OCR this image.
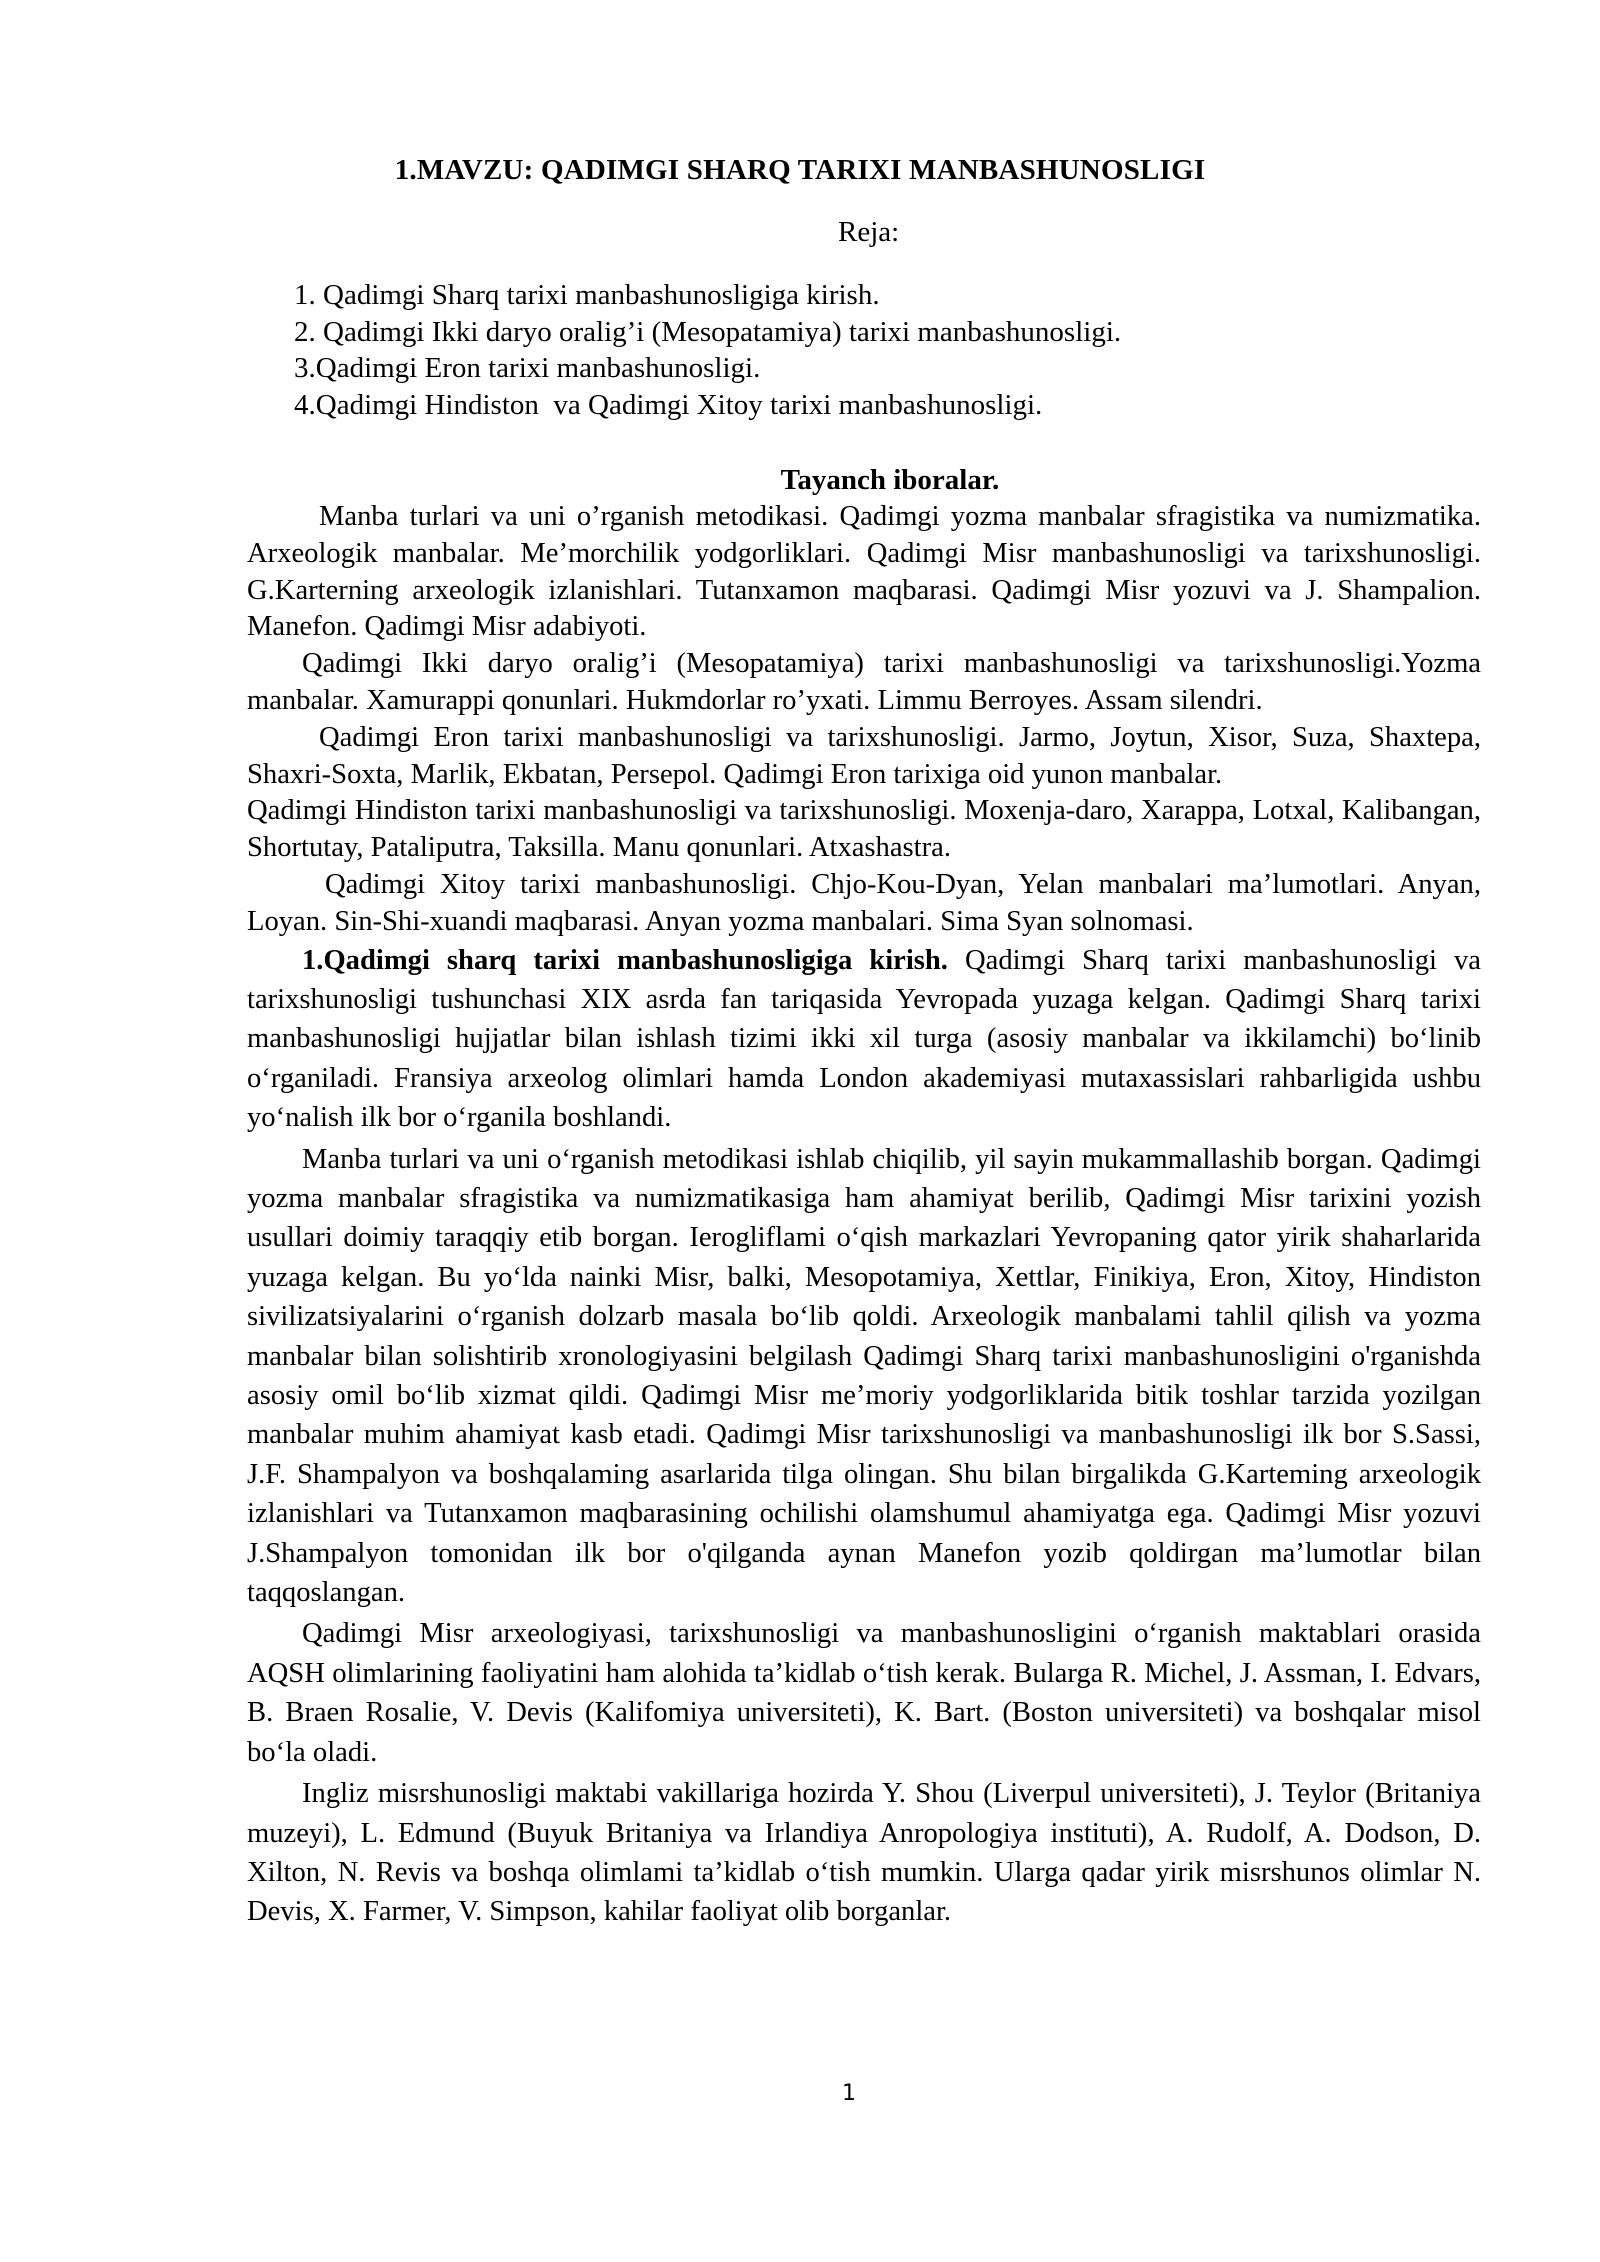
1.MAVZU: QADIMGI SHARQ TARIXI MANBASHUNOSLIGI
Reja:
1. Qadimgi Sharq tarixi manbashunosligiga kirish.
2. Qadimgi Ikki daryo oralig’i (Mesopatamiya) tarixi manbashunosligi.
3.Qadimgi Eron tarixi manbashunosligi.
4.Qadimgi Hindiston  va Qadimgi Xitoy tarixi manbashunosligi.
Tayanch iboralar.

Manba turlari va uni o’rganish metodikasi. Qadimgi yozma manbalar sfragistika va numizmatika. Arxeologik manbalar. Me’morchilik yodgorliklari. Qadimgi Misr manbashunosligi va tarixshunosligi. G.Karterning arxeologik izlanishlari. Tutanxamon maqbarasi. Qadimgi Misr yozuvi va J. Shampalion. Manefon. Qadimgi Misr adabiyoti.

Qadimgi Ikki daryo oralig’i (Mesopatamiya) tarixi manbashunosligi va tarixshunosligi.Yozma manbalar. Xamurappi qonunlari. Hukmdorlar ro’yxati. Limmu Berroyes. Assam silendri.

Qadimgi Eron tarixi manbashunosligi va tarixshunosligi. Jarmo, Joytun, Xisor, Suza, Shaxtepa, Shaxri-Soxta, Marlik, Ekbatan, Persepol. Qadimgi Eron tarixiga oid yunon manbalar.

Qadimgi Hindiston tarixi manbashunosligi va tarixshunosligi. Moxenja-daro, Xarappa, Lotxal, Kalibangan, Shortutay, Pataliputra, Taksilla. Manu qonunlari. Atxashastra.

Qadimgi Xitoy tarixi manbashunosligi. Chjo-Kou-Dyan, Yelan manbalari ma’lumotlari. Anyan, Loyan. Sin-Shi-xuandi maqbarasi. Anyan yozma manbalari. Sima Syan solnomasi.

1.Qadimgi sharq tarixi manbashunosligiga kirish. Qadimgi Sharq tarixi manbashunosligi va tarixshunosligi tushunchasi XIX asrda fan tariqasida Yevropada yuzaga kelgan. Qadimgi Sharq tarixi manbashunosligi hujjatlar bilan ishlash tizimi ikki xil turga (asosiy manbalar va ikkilamchi) bo‘linib o‘rganiladi. Fransiya arxeolog olimlari hamda London akademiyasi mutaxassislari rahbarligida ushbu yo‘nalish ilk bor o‘rganila boshlandi.

Manba turlari va uni o‘rganish metodikasi ishlab chiqilib, yil sayin mukammallashib borgan. Qadimgi yozma manbalar sfragistika va numizmatikasiga ham ahamiyat berilib, Qadimgi Misr tarixini yozish usullari doimiy taraqqiy etib borgan. Ierogliflami o‘qish markazlari Yevropaning qator yirik shaharlarida yuzaga kelgan. Bu yo‘lda nainki Misr, balki, Mesopotamiya, Xettlar, Finikiya, Eron, Xitoy, Hindiston sivilizatsiyalarini o‘rganish dolzarb masala bo‘lib qoldi. Arxeologik manbalami tahlil qilish va yozma manbalar bilan solishtirib xronologiyasini belgilash Qadimgi Sharq tarixi manbashunosligini o'rganishda asosiy omil bo‘lib xizmat qildi. Qadimgi Misr me’moriy yodgorliklarida bitik toshlar tarzida yozilgan manbalar muhim ahamiyat kasb etadi. Qadimgi Misr tarixshunosligi va manbashunosligi ilk bor S.Sassi, J.F. Shampalyon va boshqalaming asarlarida tilga olingan. Shu bilan birgalikda G.Karteming arxeologik izlanishlari va Tutanxamon maqbarasining ochilishi olamshumul ahamiyatga ega. Qadimgi Misr yozuvi J.Shampalyon tomonidan ilk bor o'qilganda aynan Manefon yozib qoldirgan ma’lumotlar bilan taqqoslangan.

Qadimgi Misr arxeologiyasi, tarixshunosligi va manbashunosligini o‘rganish maktablari orasida AQSH olimlarining faoliyatini ham alohida ta’kidlab o‘tish kerak. Bularga R. Michel, J. Assman, I. Edvars, B. Braen Rosalie, V. Devis (Kalifomiya universiteti), K. Bart. (Boston universiteti) va boshqalar misol bo‘la oladi.

Ingliz misrshunosligi maktabi vakillariga hozirda Y. Shou (Liverpul universiteti), J. Teylor (Britaniya muzeyi), L. Edmund (Buyuk Britaniya va Irlandiya Anropologiya instituti), A. Rudolf, A. Dodson, D. Xilton, N. Revis va boshqa olimlami ta’kidlab o‘tish mumkin. Ularga qadar yirik misrshunos olimlar N. Devis, X. Farmer, V. Simpson, kahilar faoliyat olib borganlar.

1
